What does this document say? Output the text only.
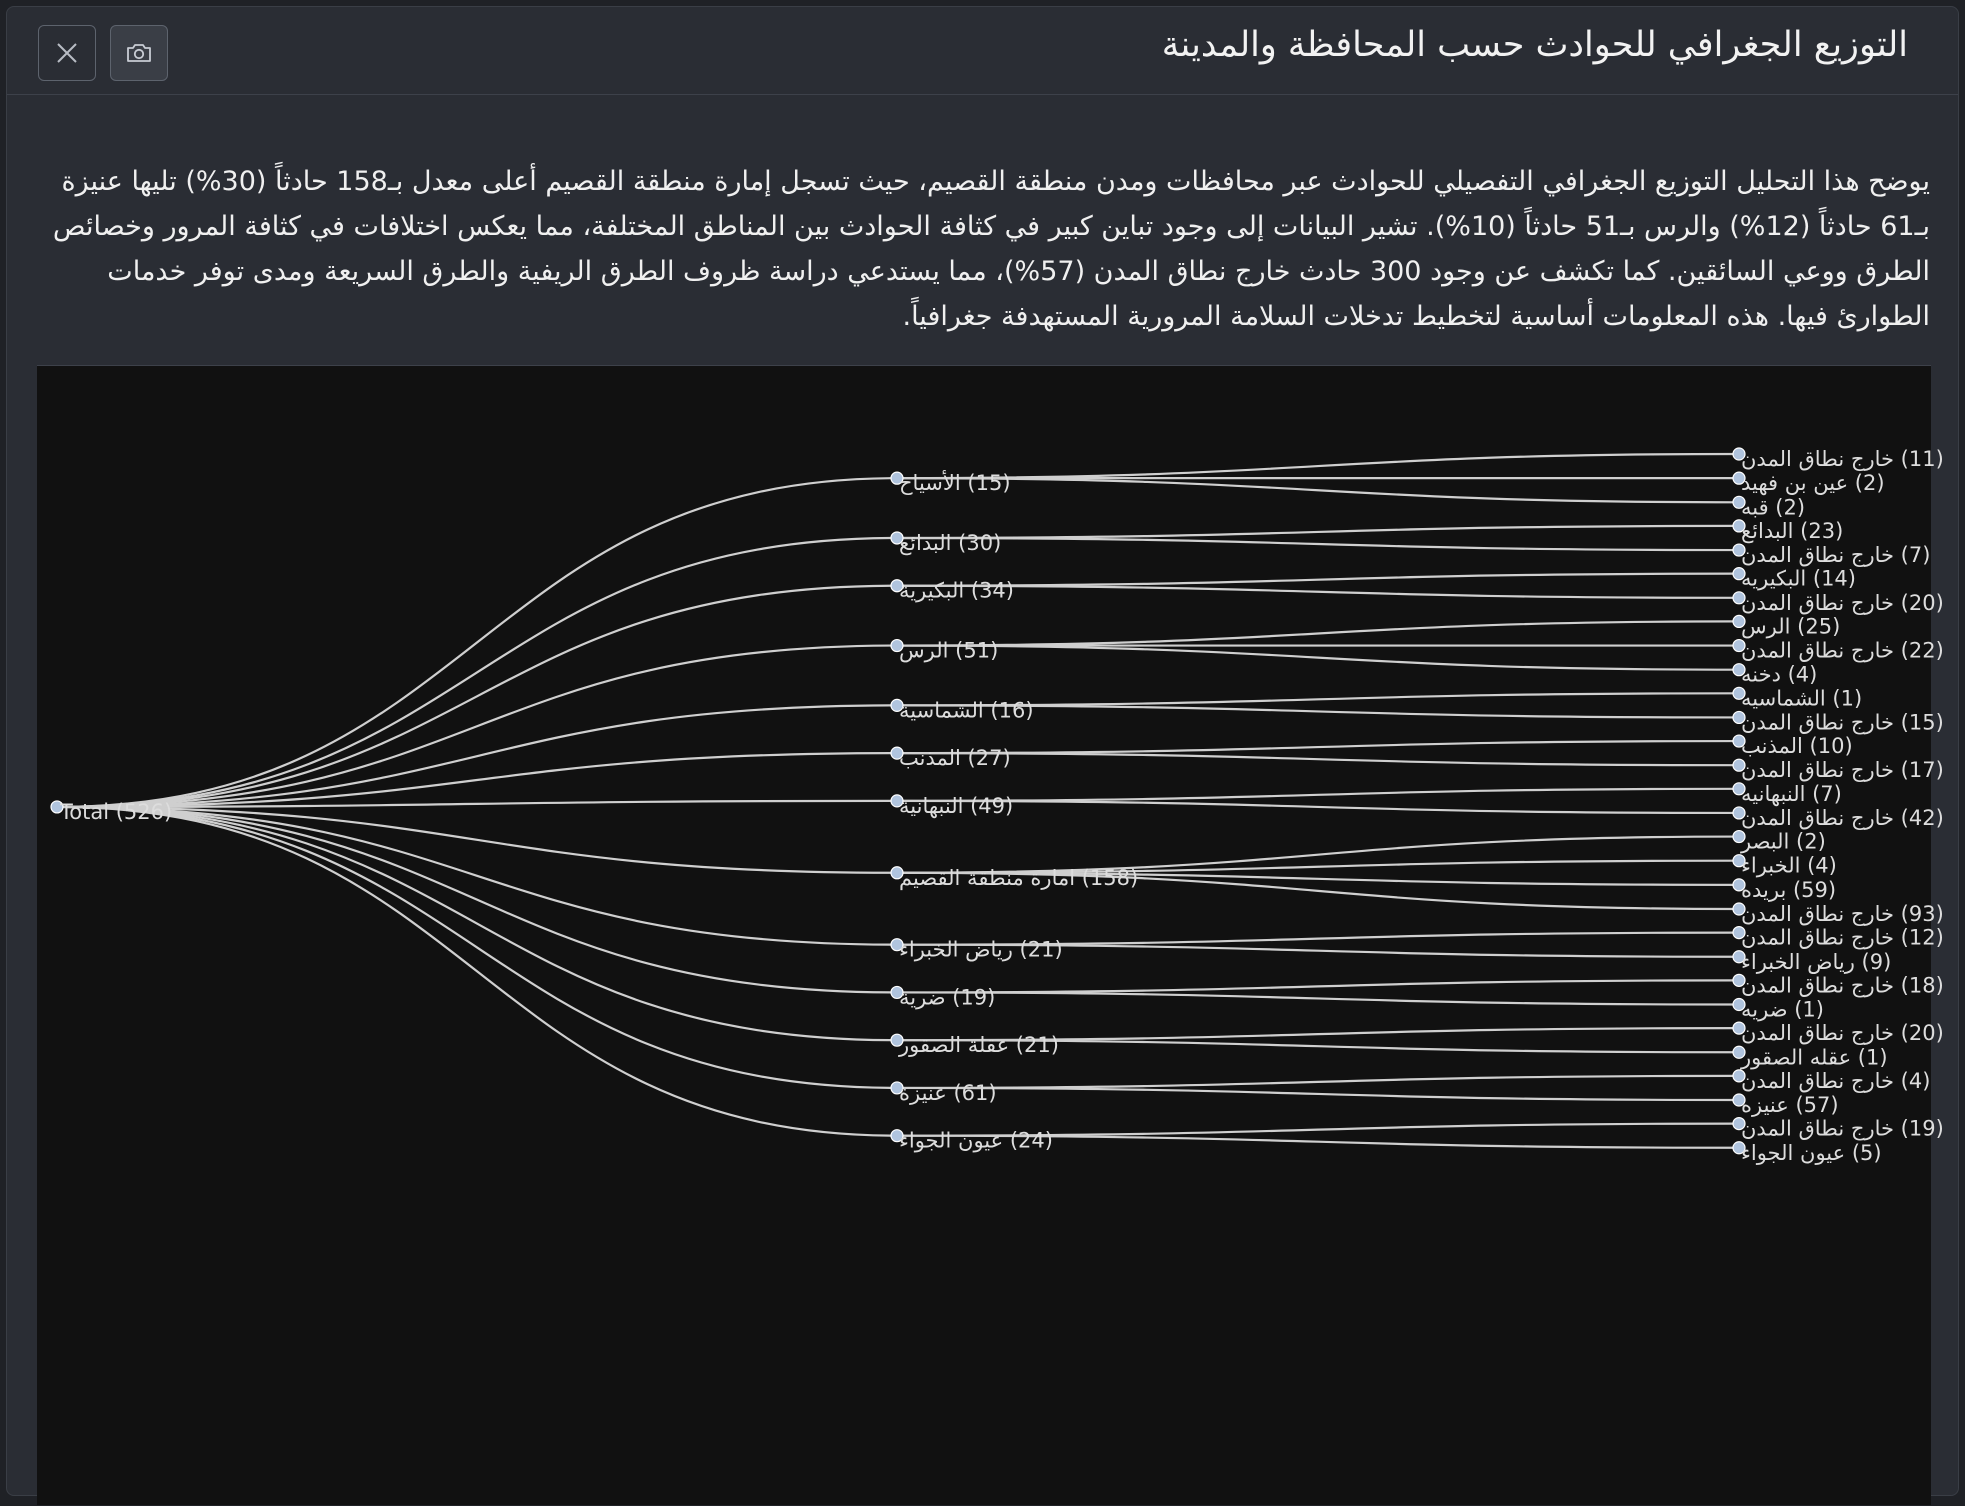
التوزيع الجغرافي للحوادث حسب المحافظة والمدينة
يوضح هذا التحليل التوزيع الجغرافي التفصيلي للحوادث عبر محافظات ومدن منطقة القصيم، حيث تسجل إمارة منطقة القصيم أعلى معدل بـ158 حادثاً (30%) تليها عنيزة بـ61 حادثاً (12%) والرس بـ51 حادثاً (10%). تشير البيانات إلى وجود تباين كبير في كثافة الحوادث بين المناطق المختلفة، مما يعكس اختلافات في كثافة المرور وخصائص الطرق ووعي السائقين. كما تكشف عن وجود 300 حادث خارج نطاق المدن (57%)، مما يستدعي دراسة ظروف الطرق الريفية والطرق السريعة ومدى توفر خدمات الطوارئ فيها. هذه المعلومات أساسية لتخطيط تدخلات السلامة المرورية المستهدفة جغرافياً.
Total (526)
(15) الأسياح
(11) خارج نطاق المدن
(2) عين بن فهيد
(2) قبه
(30) البدائع
(23) البدائع
(7) خارج نطاق المدن
(34) البكيرية
(14) البكيريه
(20) خارج نطاق المدن
(51) الرس
(25) الرس
(22) خارج نطاق المدن
(4) دخنه
(16) الشماسية
(1) الشماسيه
(15) خارج نطاق المدن
(27) المذنب
(10) المذنب
(17) خارج نطاق المدن
(49) النبهانية
(7) النبهانيه
(42) خارج نطاق المدن
(158) امارة منطقة القصيم
(2) البصر
(4) الخبراء
(59) بريده
(93) خارج نطاق المدن
(21) رياض الخبراء
(12) خارج نطاق المدن
(9) رياض الخبراء
(19) ضرية
(18) خارج نطاق المدن
(1) ضريه
(21) عقلة الصقور
(20) خارج نطاق المدن
(1) عقله الصقور
(61) عنيزة
(4) خارج نطاق المدن
(57) عنيزه
(24) عيون الجواء
(19) خارج نطاق المدن
(5) عيون الجواء
